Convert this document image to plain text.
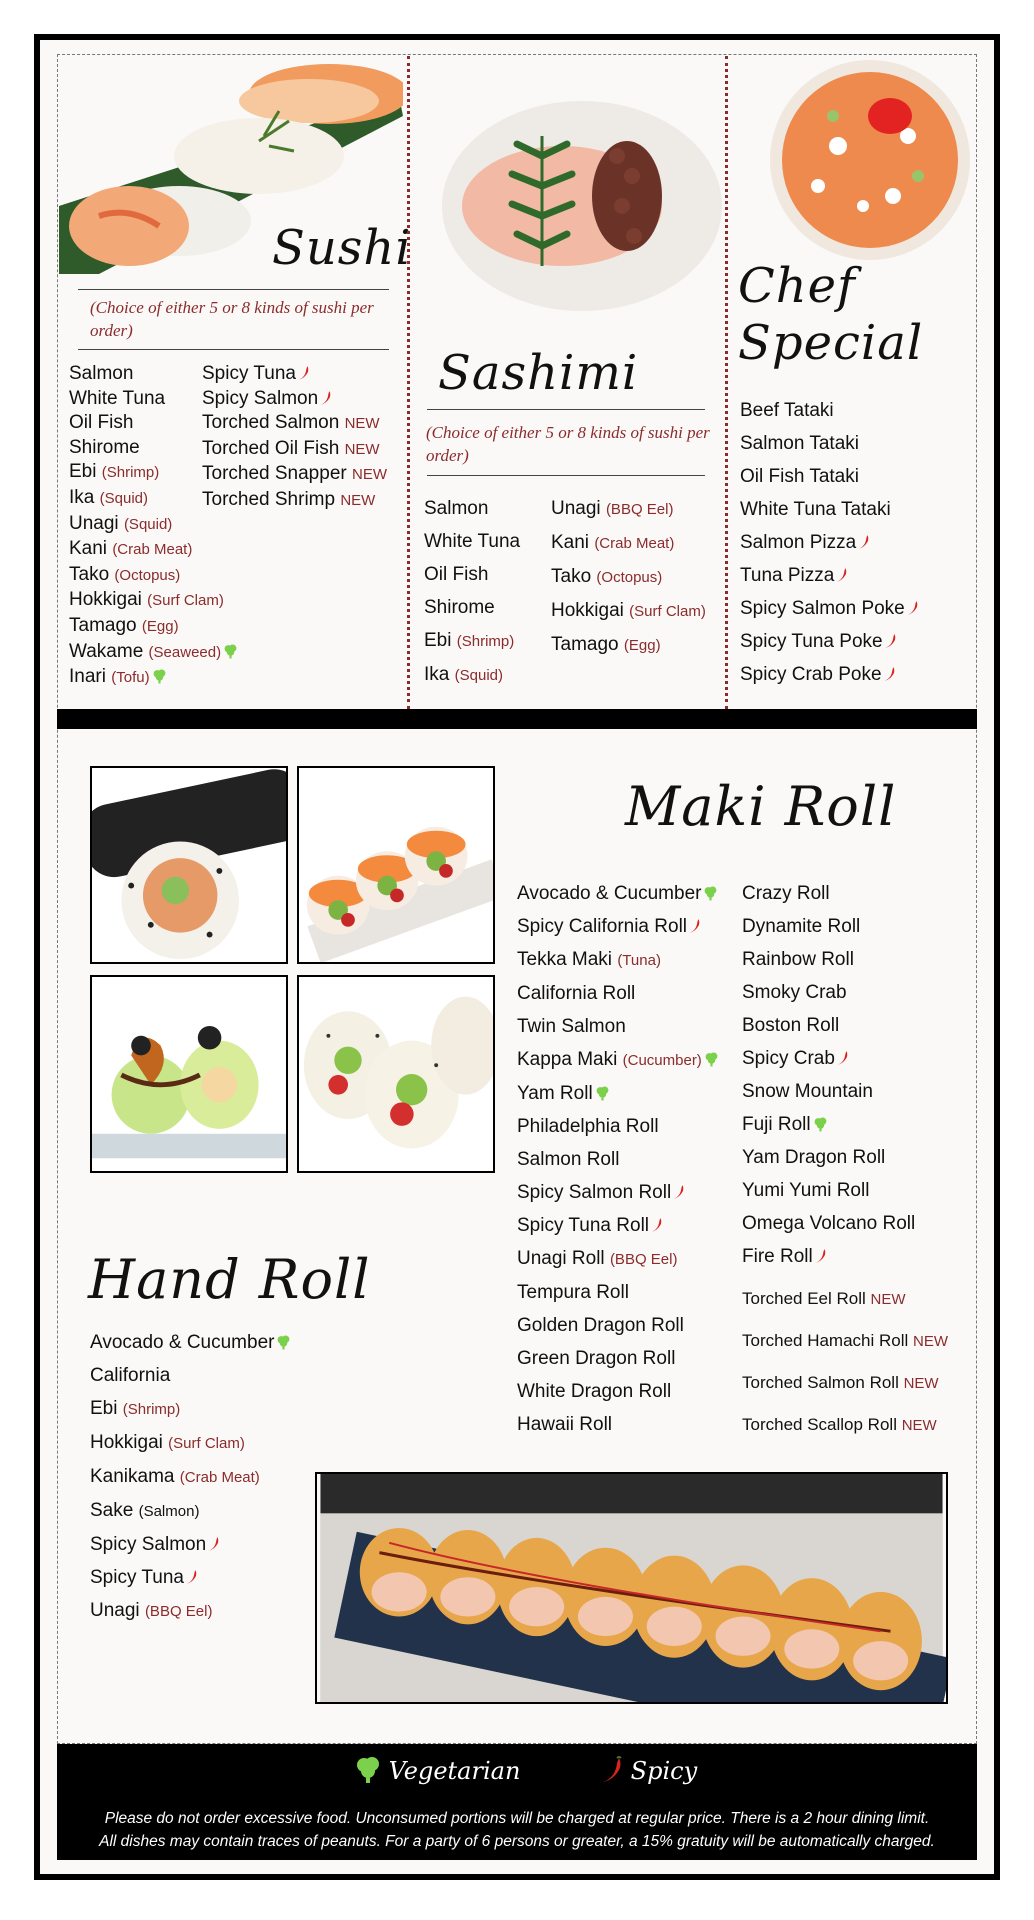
Sushi
(Choice of either 5 or 8 kinds of sushi per order)
Salmon
White Tuna
Oil Fish
Shirome
Ebi (Shrimp)
Ika (Squid)
Unagi (Squid)
Kani (Crab Meat)
Tako (Octopus)
Hokkigai (Surf Clam)
Tamago (Egg)
Wakame (Seaweed)
Inari (Tofu)
Spicy Tuna
Spicy Salmon
Torched Salmon NEW
Torched Oil Fish NEW
Torched Snapper NEW
Torched Shrimp NEW
Sashimi
(Choice of either 5 or 8 kinds of sushi per order)
Salmon
White Tuna
Oil Fish
Shirome
Ebi (Shrimp)
Ika (Squid)
Unagi (BBQ Eel)
Kani (Crab Meat)
Tako (Octopus)
Hokkigai (Surf Clam)
Tamago (Egg)
Chef
Special
Beef Tataki
Salmon Tataki
Oil Fish Tataki
White Tuna Tataki
Salmon Pizza
Tuna Pizza
Spicy Salmon Poke
Spicy Tuna Poke
Spicy Crab Poke
Maki Roll
Avocado & Cucumber
Spicy California Roll
Tekka Maki (Tuna)
California Roll
Twin Salmon
Kappa Maki (Cucumber)
Yam Roll
Philadelphia Roll
Salmon Roll
Spicy Salmon Roll
Spicy Tuna Roll
Unagi Roll (BBQ Eel)
Tempura Roll
Golden Dragon Roll
Green Dragon Roll
White Dragon Roll
Hawaii Roll
Crazy Roll
Dynamite Roll
Rainbow Roll
Smoky Crab
Boston Roll
Spicy Crab
Snow Mountain
Fuji Roll
Yam Dragon Roll
Yumi Yumi Roll
Omega Volcano Roll
Fire Roll
Torched Eel Roll NEW
Torched Hamachi Roll NEW
Torched Salmon Roll NEW
Torched Scallop Roll NEW
Hand Roll
Avocado & Cucumber
California
Ebi (Shrimp)
Hokkigai (Surf Clam)
Kanikama (Crab Meat)
Sake (Salmon)
Spicy Salmon
Spicy Tuna
Unagi (BBQ Eel)
Vegetarian	Spicy
Please do not order excessive food. Unconsumed portions will be charged at regular price. There is a 2 hour dining limit.
All dishes may contain traces of peanuts. For a party of 6 persons or greater, a 15% gratuity will be automatically charged.
